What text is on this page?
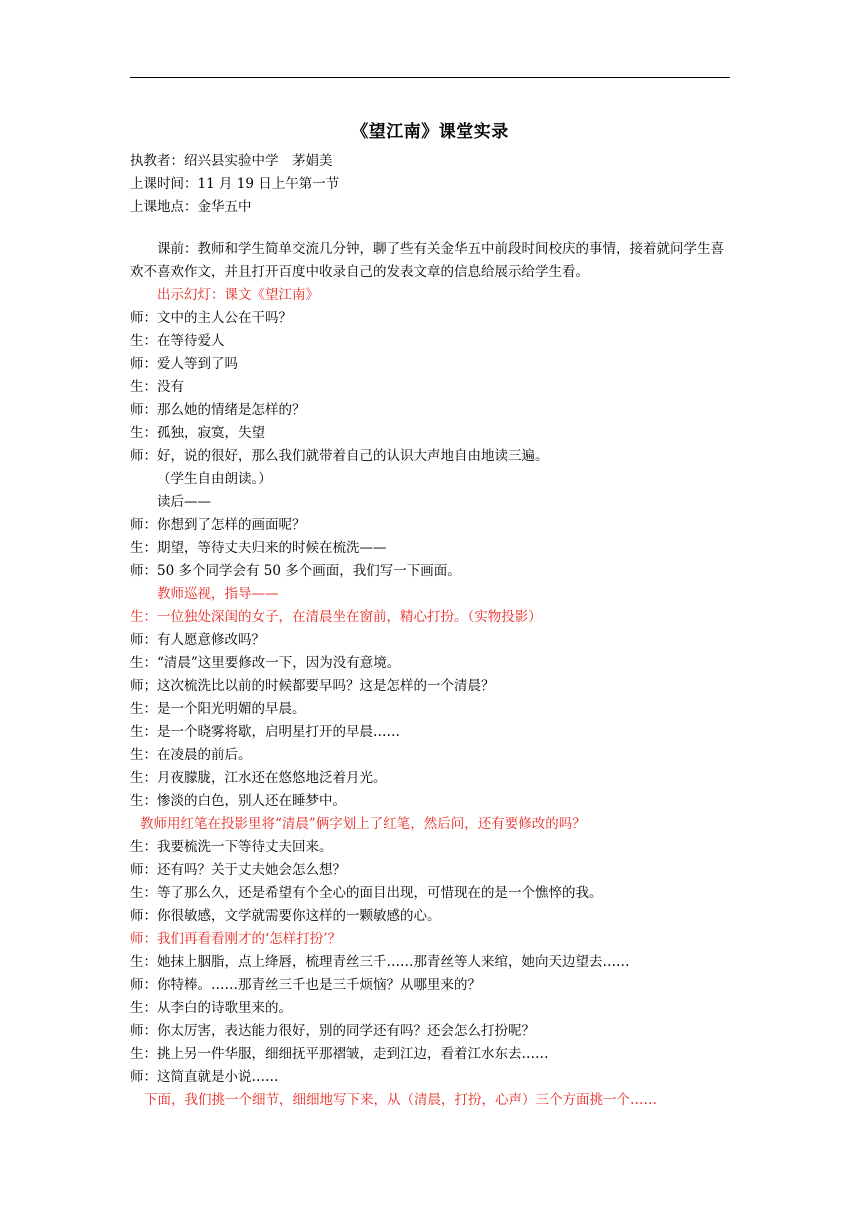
《望江南》课堂实录
执教者：绍兴县实验中学　茅娟美
上课时间：11 月 19 日上午第一节
上课地点：金华五中
课前：教师和学生简单交流几分钟，聊了些有关金华五中前段时间校庆的事情，接着就问学生喜欢不喜欢作文，并且打开百度中收录自己的发表文章的信息给展示给学生看。
出示幻灯：课文《望江南》
师：文中的主人公在干吗？
生：在等待爱人
师：爱人等到了吗
生：没有
师：那么她的情绪是怎样的？
生：孤独，寂寞，失望
师：好，说的很好，那么我们就带着自己的认识大声地自由地读三遍。
（学生自由朗读。）
读后——
师：你想到了怎样的画面呢？
生：期望，等待丈夫归来的时候在梳洗——
师：50 多个同学会有 50 多个画面，我们写一下画面。
教师巡视，指导——
生：一位独处深闺的女子，在清晨坐在窗前，精心打扮。（实物投影）
师：有人愿意修改吗？
生：“清晨”这里要修改一下，因为没有意境。
师；这次梳洗比以前的时候都要早吗？这是怎样的一个清晨？
生：是一个阳光明媚的早晨。
生：是一个晓雾将歇，启明星打开的早晨……
生：在凌晨的前后。
生：月夜朦胧，江水还在悠悠地泛着月光。
生：惨淡的白色，别人还在睡梦中。
教师用红笔在投影里将“清晨”俩字划上了红笔，然后问，还有要修改的吗？
生：我要梳洗一下等待丈夫回来。
师：还有吗？关于丈夫她会怎么想？
生：等了那么久，还是希望有个全心的面目出现，可惜现在的是一个憔悴的我。
师：你很敏感，文学就需要你这样的一颗敏感的心。
师：我们再看看刚才的‘怎样打扮’？
生：她抹上胭脂，点上绛唇，梳理青丝三千……那青丝等人来绾，她向天边望去……
师：你特棒。……那青丝三千也是三千烦恼？从哪里来的？
生：从李白的诗歌里来的。
师：你太厉害，表达能力很好，别的同学还有吗？还会怎么打扮呢？
生：挑上另一件华服，细细抚平那褶皱，走到江边，看着江水东去……
师：这简直就是小说……
下面，我们挑一个细节，细细地写下来，从（清晨，打扮，心声）三个方面挑一个……
